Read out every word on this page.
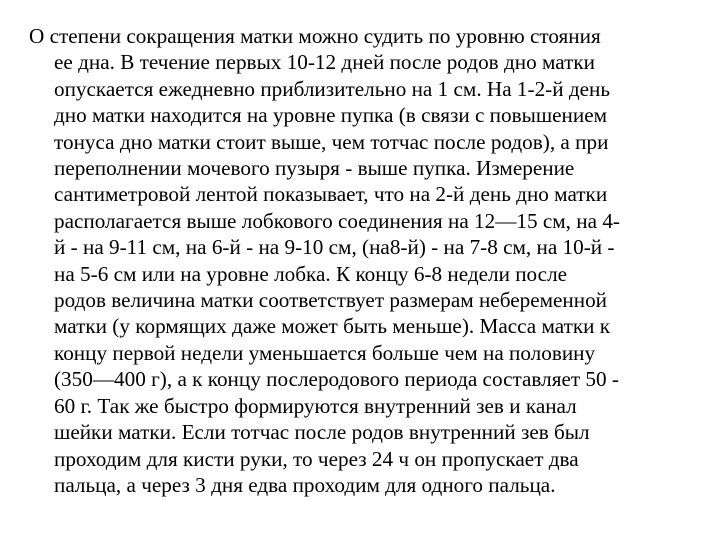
О степени сокращения матки можно судить по уровню стояния
ее дна. В течение первых 10-12 дней после родов дно матки
опускается ежедневно приблизительно на 1 см. На 1-2-й день
дно матки находится на уровне пупка (в связи с повышением
тонуса дно матки стоит выше, чем тотчас после родов), а при
переполнении мочевого пузыря - выше пупка. Измерение
сантиметровой лентой показывает, что на 2-й день дно матки
располагается выше лобкового соединения на 12—15 см, на 4-
й - на 9-11 см, на 6-й - на 9-10 см, (на8-й) - на 7-8 см, на 10-й -
на 5-6 см или на уровне лобка. К концу 6-8 недели после
родов величина матки соответствует размерам небеременной
матки (у кормящих даже может быть меньше). Масса матки к
концу первой недели уменьшается больше чем на половину
(350—400 г), а к концу послеродового периода составляет 50 -
60 г. Так же быстро формируются внутренний зев и канал
шейки матки. Если тотчас после родов внутренний зев был
проходим для кисти руки, то через 24 ч он пропускает два
пальца, а через 3 дня едва проходим для одного пальца.
